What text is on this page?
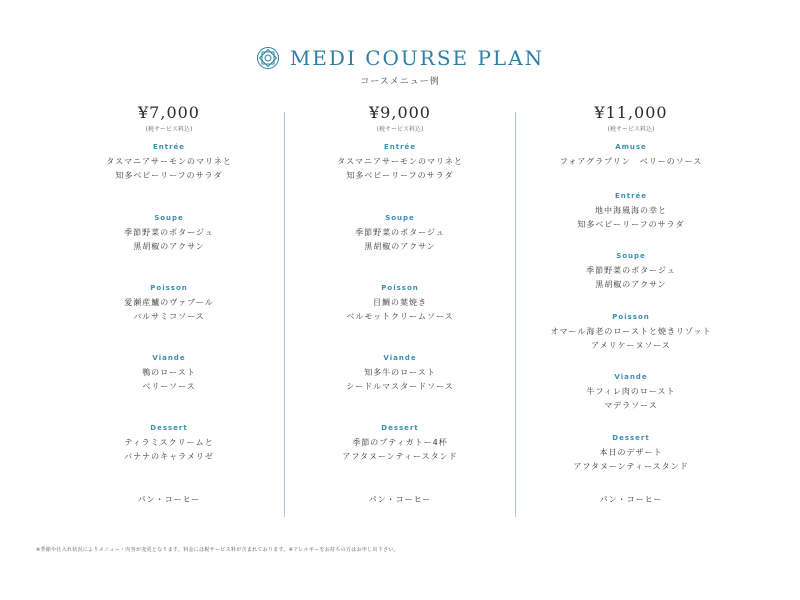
MEDI COURSE PLAN
コースメニュー例
¥7,000
(税サービス料込)
Entrée
タスマニアサーモンのマリネと
知多ベビーリーフのサラダ
Soupe
季節野菜のポタージュ
黒胡椒のアクサン
Poisson
愛瀬産鱸のヴァプール
バルサミコソース
Viande
鴨のロースト
ベリーソース
Dessert
ティラミスクリームと
バナナのキャラメリゼ
パン・コーヒー
¥9,000
(税サービス料込)
Entrée
タスマニアサーモンのマリネと
知多ベビーリーフのサラダ
Soupe
季節野菜のポタージュ
黒胡椒のアクサン
Poisson
目鯛の葉焼き
ベルモットクリームソース
Viande
知多牛のロースト
シードルマスタードソース
Dessert
季節のプティガトー4杯
アフタヌーンティースタンド
パン・コーヒー
¥11,000
(税サービス料込)
Amuse
フォアグラプリン　ベリーのソース
Entrée
地中海風海の幸と
知多ベビーリーフのサラダ
Soupe
季節野菜のポタージュ
黒胡椒のアクサン
Poisson
オマール海老のローストと焼きリゾット
アメリケーヌソース
Viande
牛フィレ肉のロースト
マデラソース
Dessert
本日のデザート
アフタヌーンティースタンド
パン・コーヒー
※季節や仕入れ状況によりメニュー・内容が変更となります。料金には税サービス料が含まれております。※アレルギーをお持ちの方はお申し出下さい。
